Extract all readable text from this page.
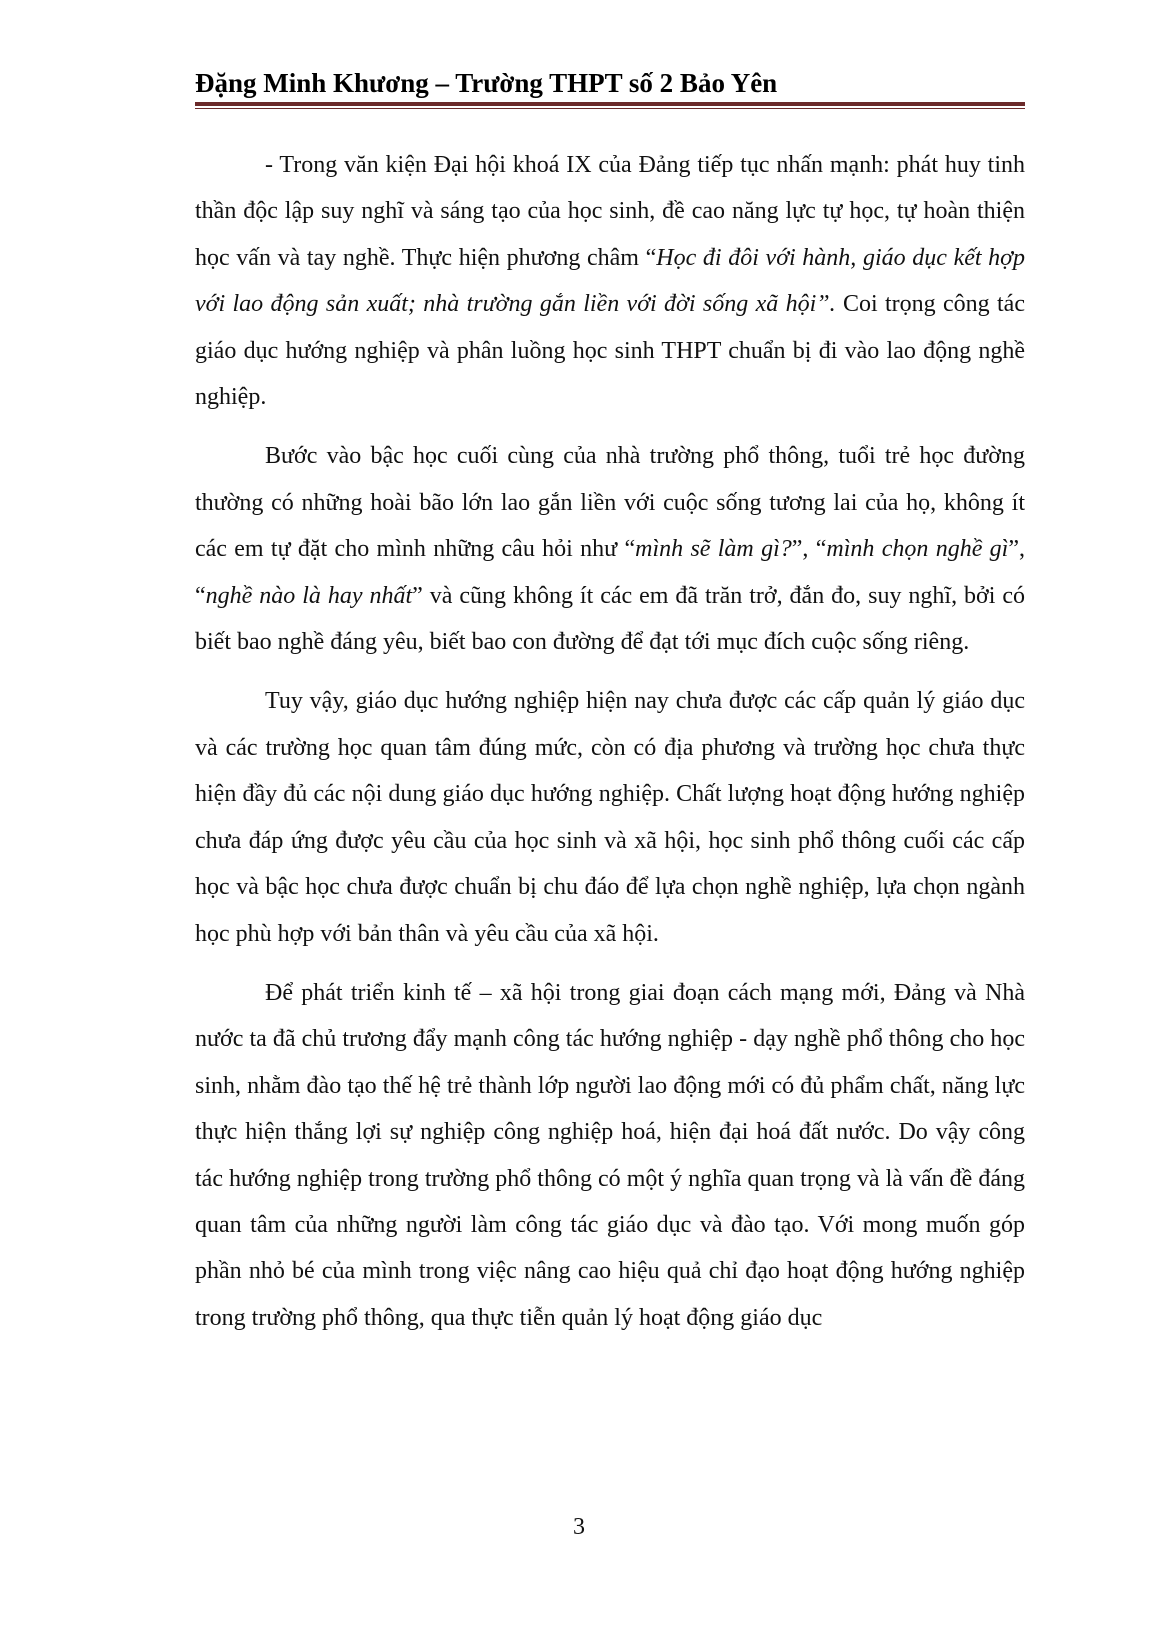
Đặng Minh Khương – Trường THPT số 2 Bảo Yên

- Trong văn kiện Đại hội khoá IX của Đảng tiếp tục nhấn mạnh: phát huy tinh thần độc lập suy nghĩ và sáng tạo của học sinh, đề cao năng lực tự học, tự hoàn thiện học vấn và tay nghề. Thực hiện phương châm “Học đi đôi với hành, giáo dục kết hợp với lao động sản xuất; nhà trường gắn liền với đời sống xã hội”. Coi trọng công tác giáo dục hướng nghiệp và phân luồng học sinh THPT chuẩn bị đi vào lao động nghề nghiệp.

Bước vào bậc học cuối cùng của nhà trường phổ thông, tuổi trẻ học đường thường có những hoài bão lớn lao gắn liền với cuộc sống tương lai của họ, không ít các em tự đặt cho mình những câu hỏi như “mình sẽ làm gì?”, “mình chọn nghề gì”, “nghề nào là hay nhất” và cũng không ít các em đã trăn trở, đắn đo, suy nghĩ, bởi có biết bao nghề đáng yêu, biết bao con đường để đạt tới mục đích cuộc sống riêng.

Tuy vậy, giáo dục hướng nghiệp hiện nay chưa được các cấp quản lý giáo dục và các trường học quan tâm đúng mức, còn có địa phương và trường học chưa thực hiện đầy đủ các nội dung giáo dục hướng nghiệp. Chất lượng hoạt động hướng nghiệp chưa đáp ứng được yêu cầu của học sinh và xã hội, học sinh phổ thông cuối các cấp học và bậc học chưa được chuẩn bị chu đáo để lựa chọn nghề nghiệp, lựa chọn ngành học phù hợp với bản thân và yêu cầu của xã hội.

Để phát triển kinh tế – xã hội trong giai đoạn cách mạng mới, Đảng và Nhà nước ta đã chủ trương đẩy mạnh công tác hướng nghiệp - dạy nghề phổ thông cho học sinh, nhằm đào tạo thế hệ trẻ thành lớp người lao động mới có đủ phẩm chất, năng lực thực hiện thắng lợi sự nghiệp công nghiệp hoá, hiện đại hoá đất nước. Do vậy công tác hướng nghiệp trong trường phổ thông có một ý nghĩa quan trọng và là vấn đề đáng quan tâm của những người làm công tác giáo dục và đào tạo. Với mong muốn góp phần nhỏ bé của mình trong việc nâng cao hiệu quả chỉ đạo hoạt động hướng nghiệp trong trường phổ thông, qua thực tiễn quản lý hoạt động giáo dục

3
